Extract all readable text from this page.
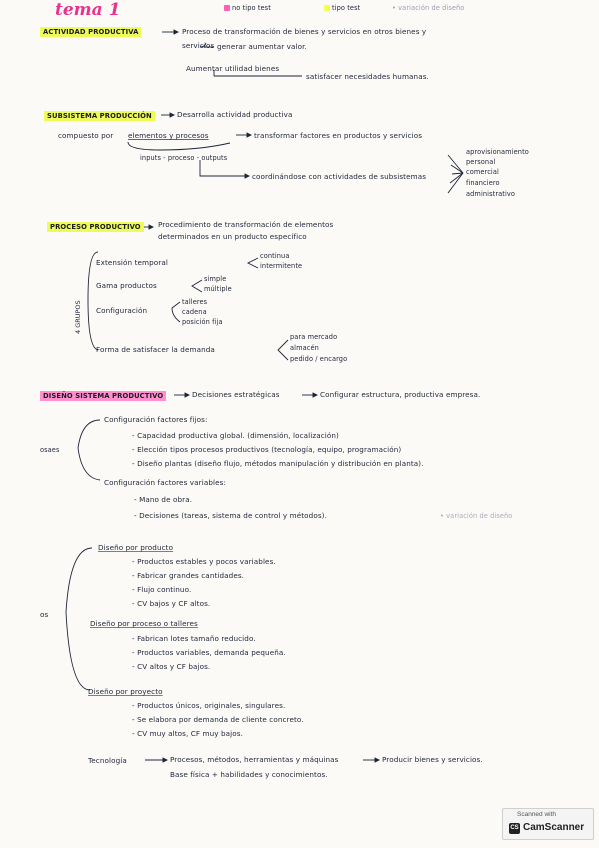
tema 1	no tipo test	tipo test	• variación de diseño
ACTIVIDAD PRODUCTIVA	Proceso de transformación de bienes y servicios en otros bienes y
servicios generar aumentar valor.
Aumentar utilidad bienes
satisfacer necesidades humanas.
SUBSISTEMA PRODUCCIÓN	Desarrolla actividad productiva
compuesto por elementos y procesos	transformar factores en productos y servicios
inputs - proceso - outputs
coordinándose con actividades de subsistemas
aprovisionamiento
personal
comercial
financiero
administrativo
PROCESO PRODUCTIVO	Procedimiento de transformación de elementos
determinados en un producto específico
4 GRUPOS
Extensión temporal
continua
intermitente
Gama productos
simple
múltiple
Configuración
talleres
cadena
posición fija
Forma de satisfacer la demanda
para mercado
almacén
pedido / encargo
DISEÑO SISTEMA PRODUCTIVO	Decisiones estratégicas	Configurar estructura, productiva empresa.
osaes
Configuración factores fijos:
- Capacidad productiva global. (dimensión, localización)
- Elección tipos procesos productivos (tecnología, equipo, programación)
- Diseño plantas (diseño flujo, métodos manipulación y distribución en planta).
Configuración factores variables:
- Mano de obra.
- Decisiones (tareas, sistema de control y métodos).	• variación de diseño
os
Diseño por producto
- Productos estables y pocos variables.
- Fabricar grandes cantidades.
- Flujo continuo.
- CV bajos y CF altos.
Diseño por proceso o talleres
- Fabrican lotes tamaño reducido.
- Productos variables, demanda pequeña.
- CV altos y CF bajos.
Diseño por proyecto
- Productos únicos, originales, singulares.
- Se elabora por demanda de cliente concreto.
- CV muy altos, CF muy bajos.
Tecnología	Procesos, métodos, herramientas y máquinas	Producir bienes y servicios.
Base física + habilidades y conocimientos.
Scanned with
CS CamScanner
